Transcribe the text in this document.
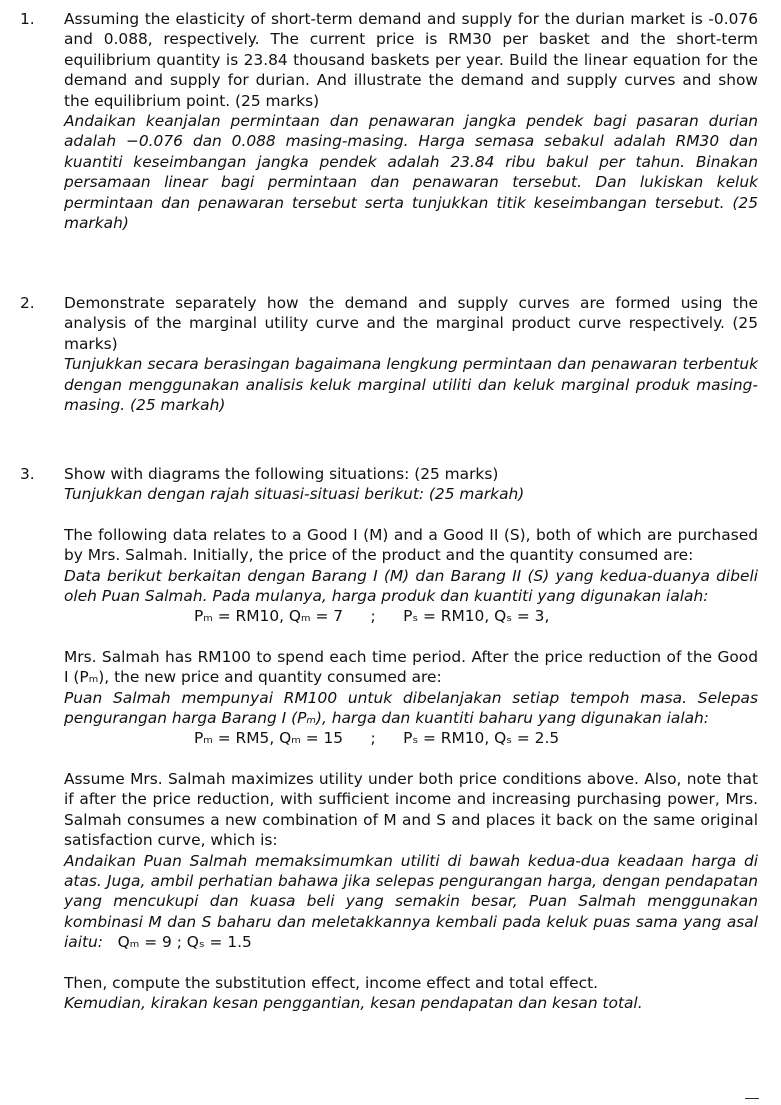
1.	Assuming the elasticity of short-term demand and supply for the durian market is -0.076 and 0.088, respectively. The current price is RM30 per basket and the short-term equilibrium quantity is 23.84 thousand baskets per year. Build the linear equation for the demand and supply for durian. And illustrate the demand and supply curves and show the equilibrium point. (25 marks)

Andaikan keanjalan permintaan dan penawaran jangka pendek bagi pasaran durian adalah −0.076 dan 0.088 masing-masing. Harga semasa sebakul adalah RM30 dan kuantiti keseimbangan jangka pendek adalah 23.84 ribu bakul per tahun. Binakan persamaan linear bagi permintaan dan penawaran tersebut. Dan lukiskan keluk permintaan dan penawaran tersebut serta tunjukkan titik keseimbangan tersebut. (25 markah)

2.	Demonstrate separately how the demand and supply curves are formed using the analysis of the marginal utility curve and the marginal product curve respectively. (25 marks)

Tunjukkan secara berasingan bagaimana lengkung permintaan dan penawaran terbentuk dengan menggunakan analisis keluk marginal utiliti dan keluk marginal produk masing-masing. (25 markah)

3.	Show with diagrams the following situations: (25 marks)

Tunjukkan dengan rajah situasi-situasi berikut: (25 markah)

The following data relates to a Good I (M) and a Good II (S), both of which are purchased by Mrs. Salmah. Initially, the price of the product and the quantity consumed are:

Data berikut berkaitan dengan Barang I (M) dan Barang II (S) yang kedua-duanya dibeli oleh Puan Salmah. Pada mulanya, harga produk dan kuantiti yang digunakan ialah:

Pₘ = RM10, Qₘ = 7 ; Pₛ = RM10, Qₛ = 3,

Mrs. Salmah has RM100 to spend each time period. After the price reduction of the Good I (Pₘ), the new price and quantity consumed are:

Puan Salmah mempunyai RM100 untuk dibelanjakan setiap tempoh masa. Selepas pengurangan harga Barang I (Pₘ), harga dan kuantiti baharu yang digunakan ialah:

Pₘ = RM5, Qₘ = 15 ; Pₛ = RM10, Qₛ = 2.5

Assume Mrs. Salmah maximizes utility under both price conditions above. Also, note that if after the price reduction, with sufficient income and increasing purchasing power, Mrs. Salmah consumes a new combination of M and S and places it back on the same original satisfaction curve, which is:

Andaikan Puan Salmah memaksimumkan utiliti di bawah kedua-dua keadaan harga di atas. Juga, ambil perhatian bahawa jika selepas pengurangan harga, dengan pendapatan yang mencukupi dan kuasa beli yang semakin besar, Puan Salmah menggunakan kombinasi M dan S baharu dan meletakkannya kembali pada keluk puas sama yang asal iaitu: Qₘ = 9 ; Qₛ = 1.5

Then, compute the substitution effect, income effect and total effect.

Kemudian, kirakan kesan penggantian, kesan pendapatan dan kesan total.
